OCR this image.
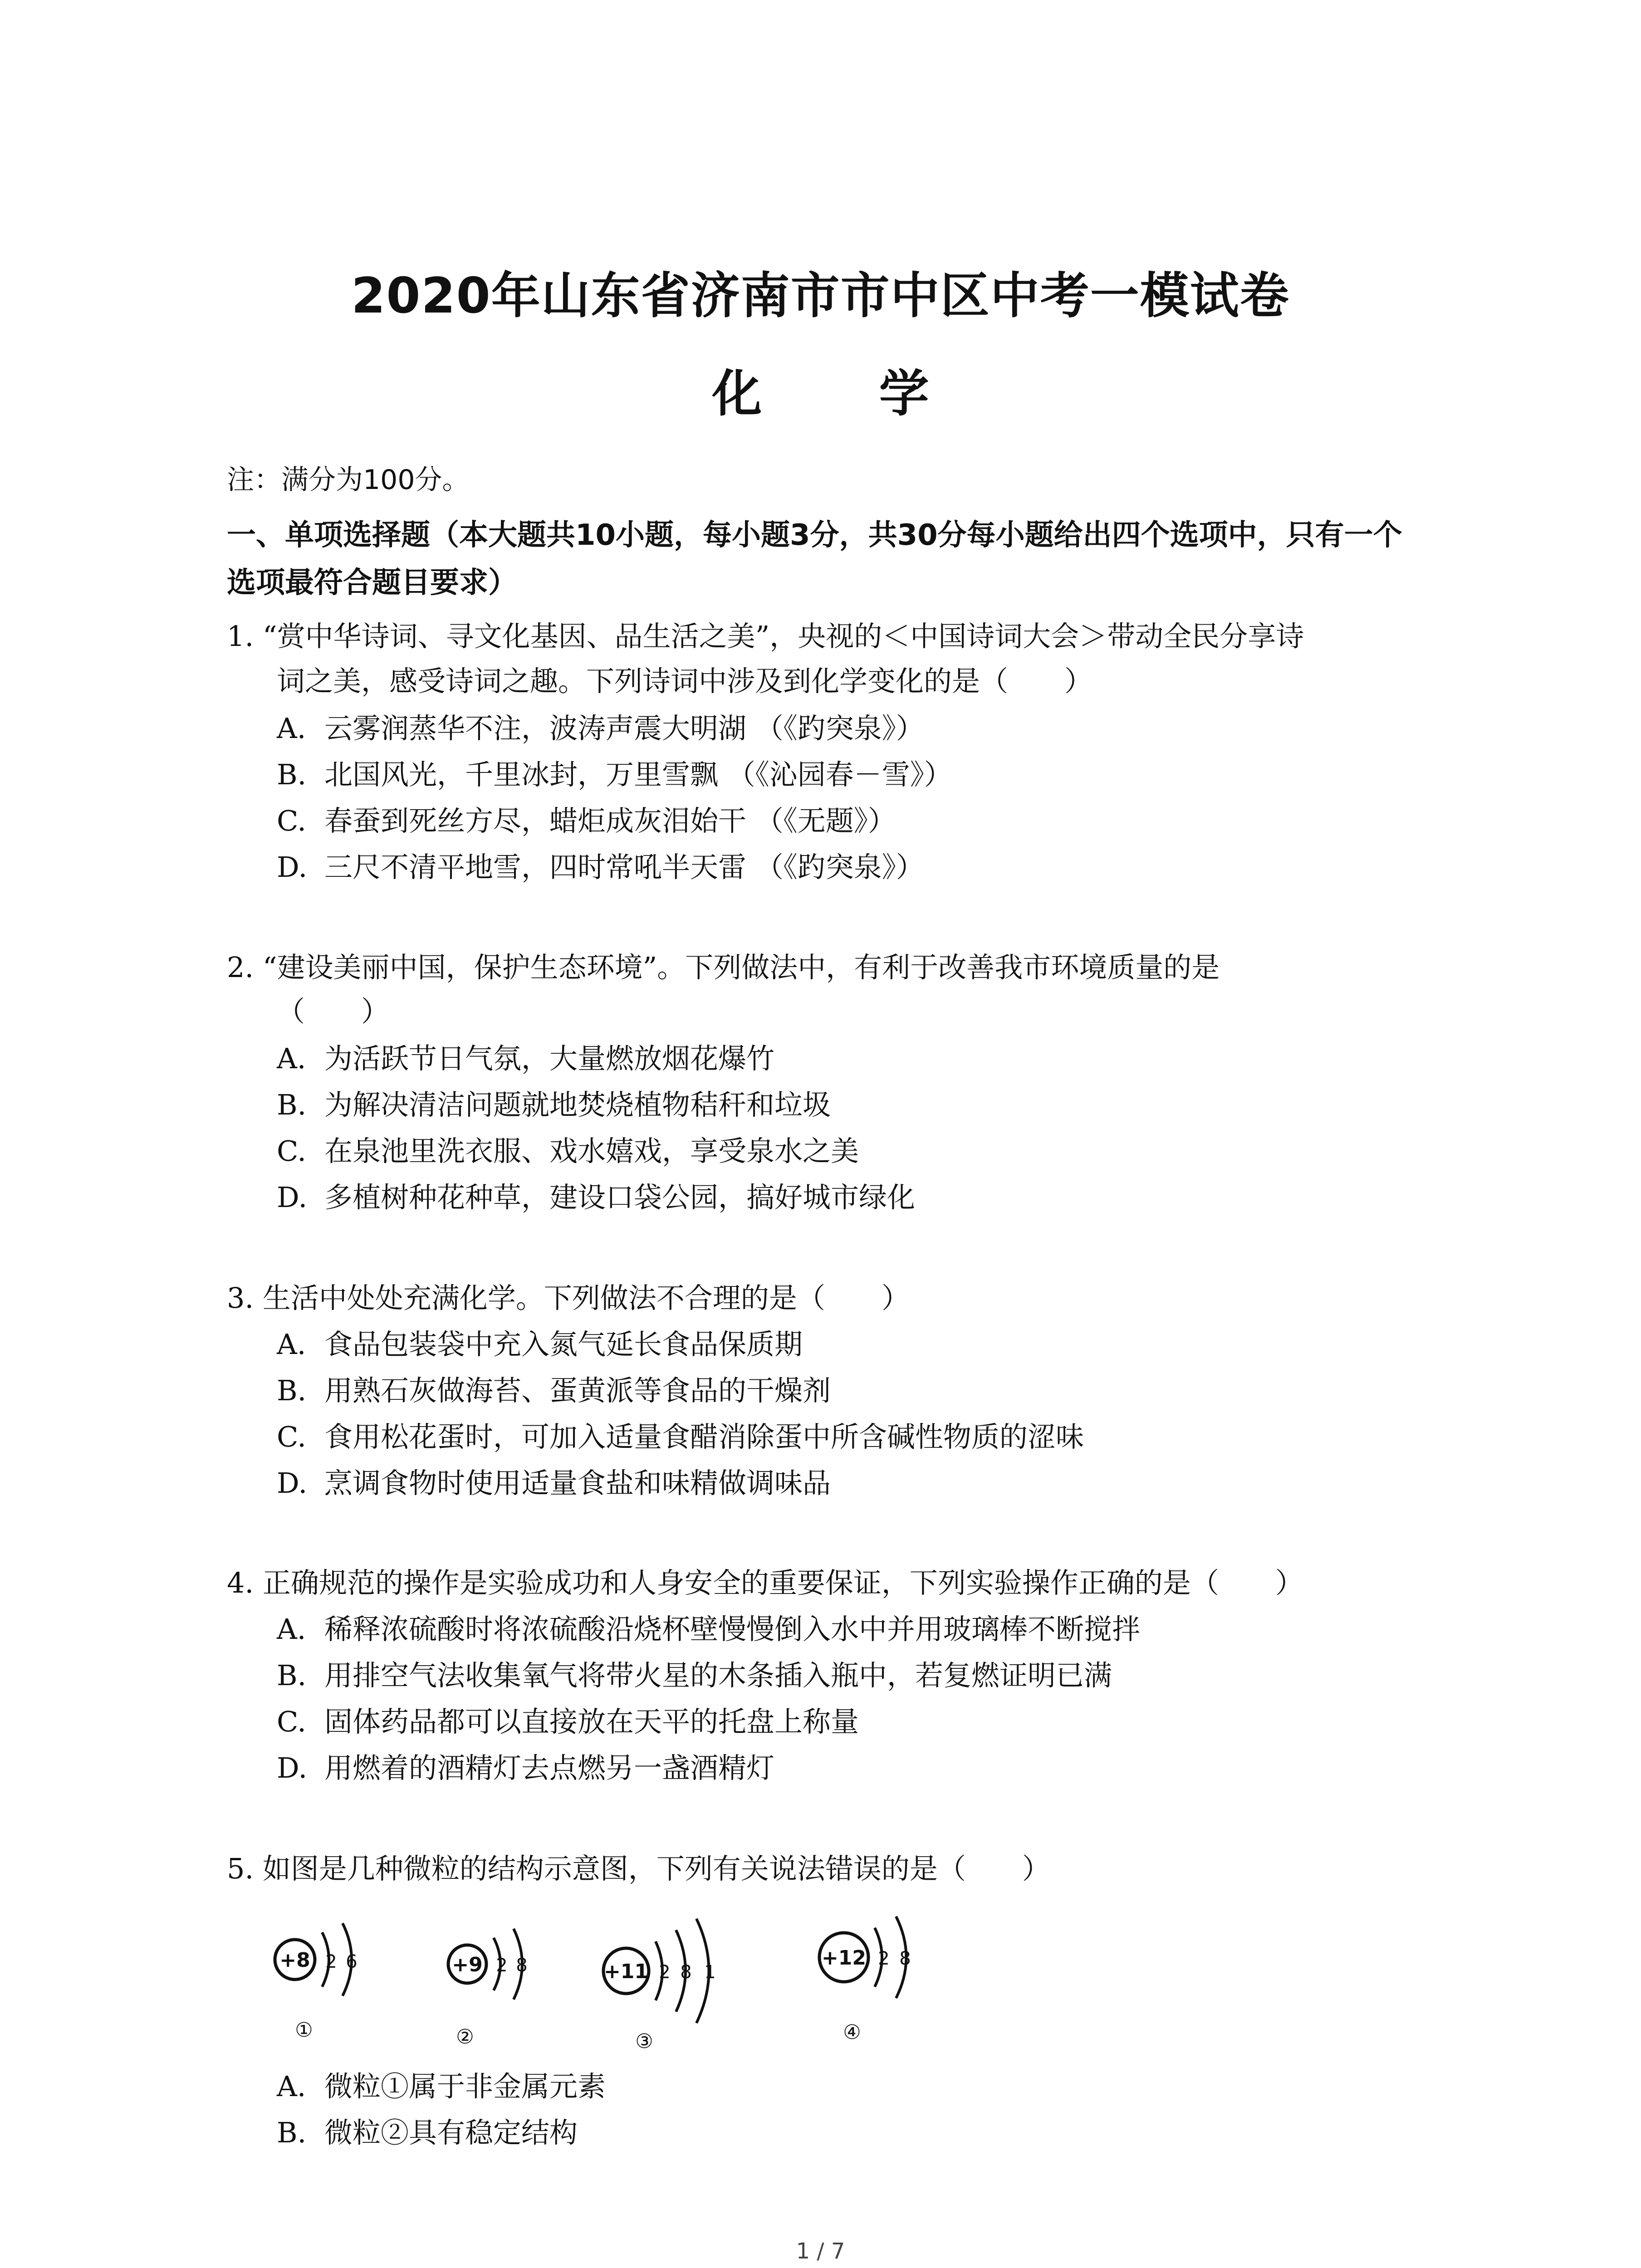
2020年山东省济南市市中区中考一模试卷
化 学
注：满分为100分。
一、单项选择题（本大题共10小题，每小题3分，共30分每小题给出四个选项中，只有一个
选项最符合题目要求）
1. “赏中华诗词、寻文化基因、品生活之美”，央视的＜中国诗词大会＞带动全民分享诗
词之美，感受诗词之趣。下列诗词中涉及到化学变化的是（　　）
A. 云雾润蒸华不注，波涛声震大明湖 （《趵突泉》）
B. 北国风光，千里冰封，万里雪飘 （《沁园春－雪》）
C. 春蚕到死丝方尽，蜡炬成灰泪始干 （《无题》）
D. 三尺不清平地雪，四时常吼半天雷 （《趵突泉》）
2. “建设美丽中国，保护生态环境”。下列做法中，有利于改善我市环境质量的是
（　　）
A. 为活跃节日气氛，大量燃放烟花爆竹
B. 为解决清洁问题就地焚烧植物秸秆和垃圾
C. 在泉池里洗衣服、戏水嬉戏，享受泉水之美
D. 多植树种花种草，建设口袋公园，搞好城市绿化
3. 生活中处处充满化学。下列做法不合理的是（　　）
A. 食品包装袋中充入氮气延长食品保质期
B. 用熟石灰做海苔、蛋黄派等食品的干燥剂
C. 食用松花蛋时，可加入适量食醋消除蛋中所含碱性物质的涩味
D. 烹调食物时使用适量食盐和味精做调味品
4. 正确规范的操作是实验成功和人身安全的重要保证，下列实验操作正确的是（　　）
A. 稀释浓硫酸时将浓硫酸沿烧杯壁慢慢倒入水中并用玻璃棒不断搅拌
B. 用排空气法收集氧气将带火星的木条插入瓶中，若复燃证明已满
C. 固体药品都可以直接放在天平的托盘上称量
D. 用燃着的酒精灯去点燃另一盏酒精灯
5. 如图是几种微粒的结构示意图，下列有关说法错误的是（　　）
+8 2 6
①
+9 2 8
②
+11 2 8 1
③
+12 2 8
④
A. 微粒①属于非金属元素
B. 微粒②具有稳定结构
1 / 7
